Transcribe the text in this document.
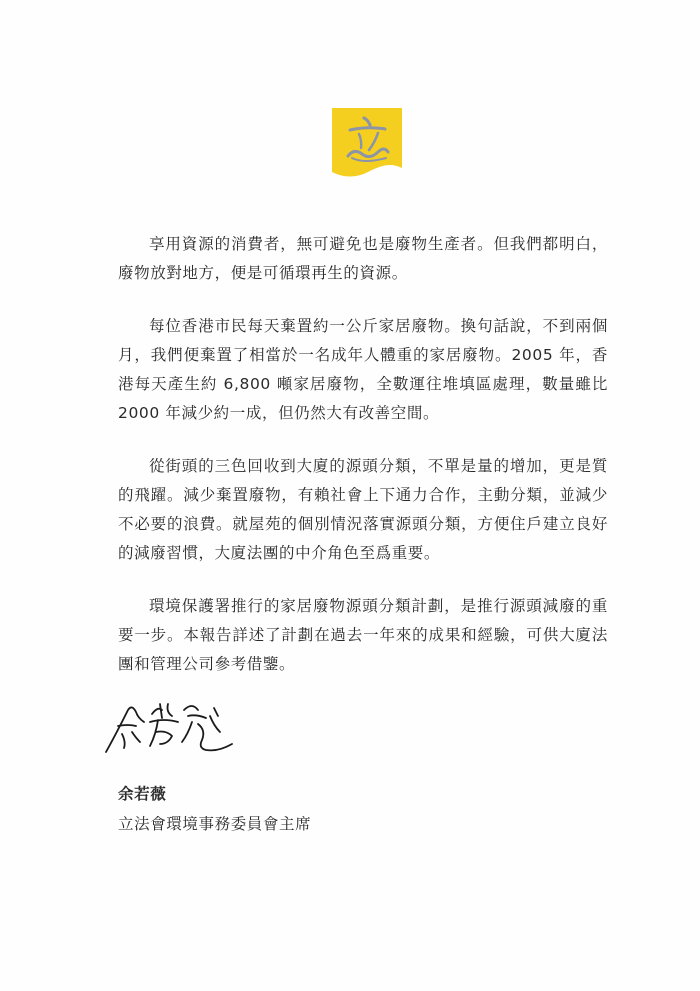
享用資源的消費者，無可避免也是廢物生產者。但我們都明白，廢物放對地方，便是可循環再生的資源。

每位香港市民每天棄置約一公斤家居廢物。換句話說，不到兩個月，我們便棄置了相當於一名成年人體重的家居廢物。2005 年，香港每天產生約 6,800 噸家居廢物，全數運往堆填區處理，數量雖比 2000 年減少約一成，但仍然大有改善空間。

從街頭的三色回收到大廈的源頭分類，不單是量的增加，更是質的飛躍。減少棄置廢物，有賴社會上下通力合作，主動分類，並減少不必要的浪費。就屋苑的個別情況落實源頭分類，方便住戶建立良好的減廢習慣，大廈法團的中介角色至爲重要。

環境保護署推行的家居廢物源頭分類計劃，是推行源頭減廢的重要一步。本報告詳述了計劃在過去一年來的成果和經驗，可供大廈法團和管理公司參考借鑒。

余若薇
立法會環境事務委員會主席
